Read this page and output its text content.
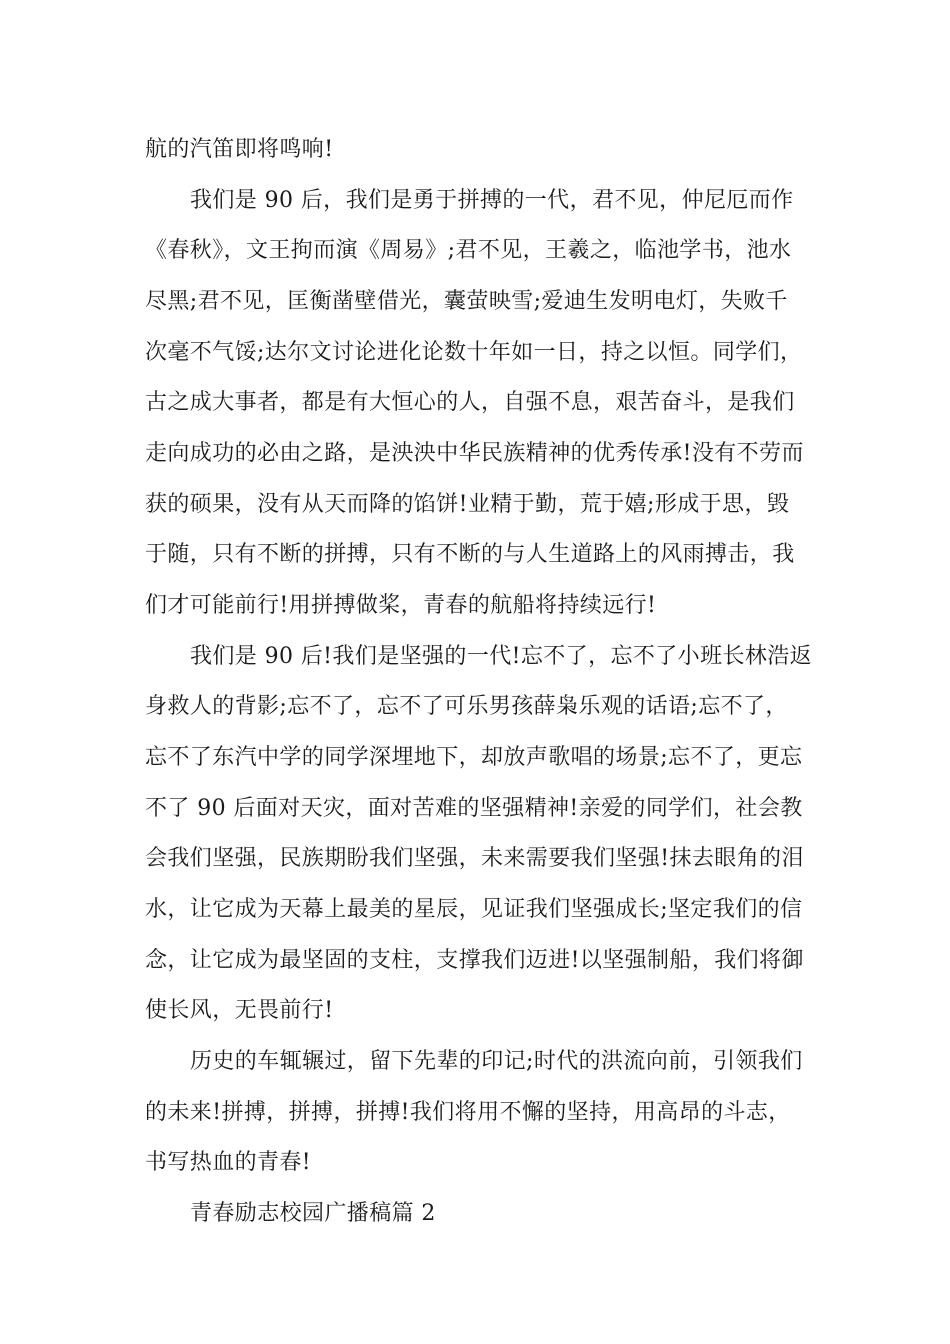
航的汽笛即将鸣响!
我们是 90 后，我们是勇于拼搏的一代，君不见，仲尼厄而作
《春秋》，文王拘而演《周易》;君不见，王羲之，临池学书，池水
尽黑;君不见，匡衡凿壁借光，囊萤映雪;爱迪生发明电灯，失败千
次毫不气馁;达尔文讨论进化论数十年如一日，持之以恒。同学们，
古之成大事者，都是有大恒心的人，自强不息，艰苦奋斗，是我们
走向成功的必由之路，是泱泱中华民族精神的优秀传承!没有不劳而
获的硕果，没有从天而降的馅饼!业精于勤，荒于嬉;形成于思，毁
于随，只有不断的拼搏，只有不断的与人生道路上的风雨搏击，我
们才可能前行!用拼搏做桨，青春的航船将持续远行!
我们是 90 后!我们是坚强的一代!忘不了，忘不了小班长林浩返
身救人的背影;忘不了，忘不了可乐男孩薛枭乐观的话语;忘不了，
忘不了东汽中学的同学深埋地下，却放声歌唱的场景;忘不了，更忘
不了 90 后面对天灾，面对苦难的坚强精神!亲爱的同学们，社会教
会我们坚强，民族期盼我们坚强，未来需要我们坚强!抹去眼角的泪
水，让它成为天幕上最美的星辰，见证我们坚强成长;坚定我们的信
念，让它成为最坚固的支柱，支撑我们迈进!以坚强制船，我们将御
使长风，无畏前行!
历史的车辄辗过，留下先辈的印记;时代的洪流向前，引领我们
的未来!拼搏，拼搏，拼搏!我们将用不懈的坚持，用高昂的斗志，
书写热血的青春!
青春励志校园广播稿篇 2
